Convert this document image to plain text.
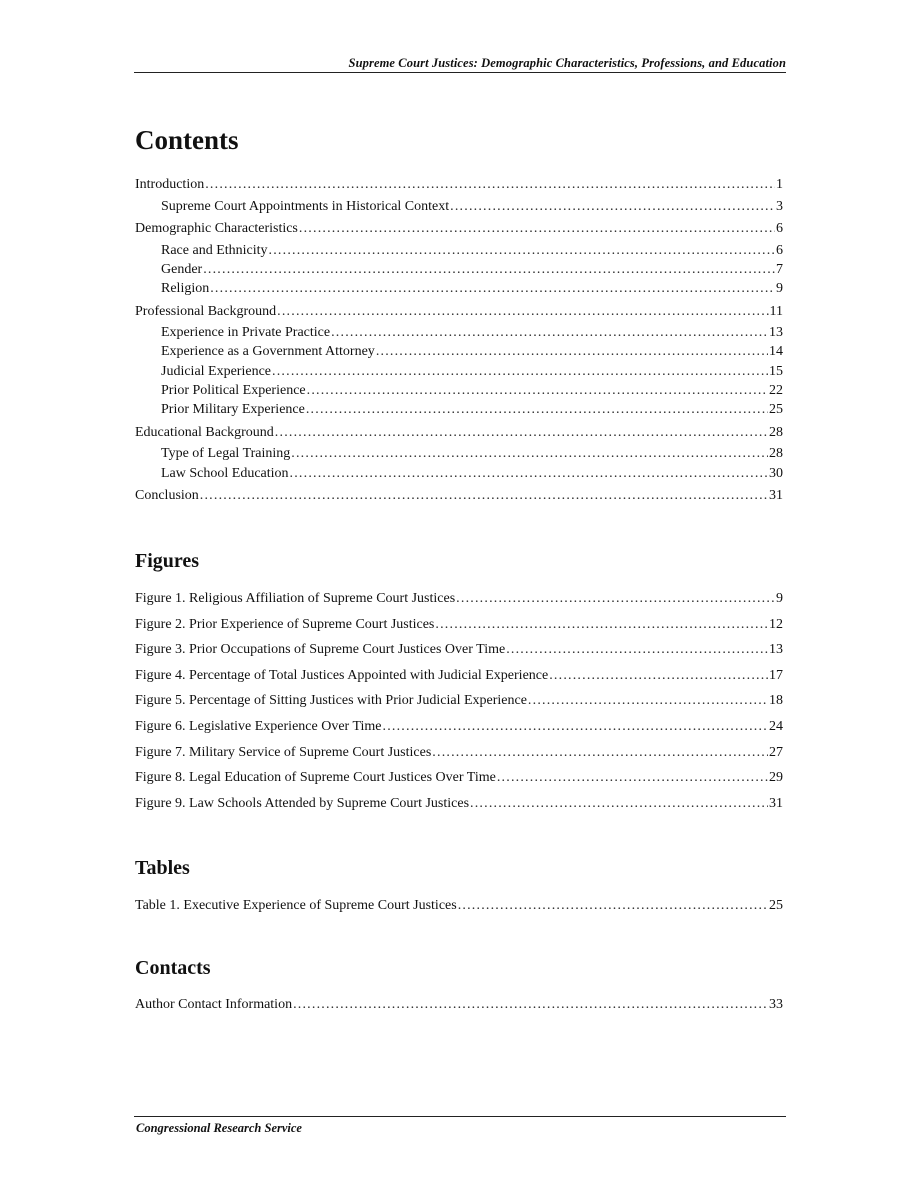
Supreme Court Justices: Demographic Characteristics, Professions, and Education
Contents
Introduction .....	1
Supreme Court Appointments in Historical Context .....	3
Demographic Characteristics .....	6
Race and Ethnicity .....	6
Gender .....	7
Religion .....	9
Professional Background .....	11
Experience in Private Practice .....	13
Experience as a Government Attorney .....	14
Judicial Experience .....	15
Prior Political Experience .....	22
Prior Military Experience .....	25
Educational Background .....	28
Type of Legal Training .....	28
Law School Education .....	30
Conclusion .....	31
Figures
Figure 1. Religious Affiliation of Supreme Court Justices .....	9
Figure 2. Prior Experience of Supreme Court Justices .....	12
Figure 3. Prior Occupations of Supreme Court Justices Over Time .....	13
Figure 4. Percentage of Total Justices Appointed with Judicial Experience .....	17
Figure 5. Percentage of Sitting Justices with Prior Judicial Experience .....	18
Figure 6. Legislative Experience Over Time .....	24
Figure 7. Military Service of Supreme Court Justices .....	27
Figure 8. Legal Education of Supreme Court Justices Over Time .....	29
Figure 9. Law Schools Attended by Supreme Court Justices .....	31
Tables
Table 1. Executive Experience of Supreme Court Justices .....	25
Contacts
Author Contact Information .....	33
Congressional Research Service
